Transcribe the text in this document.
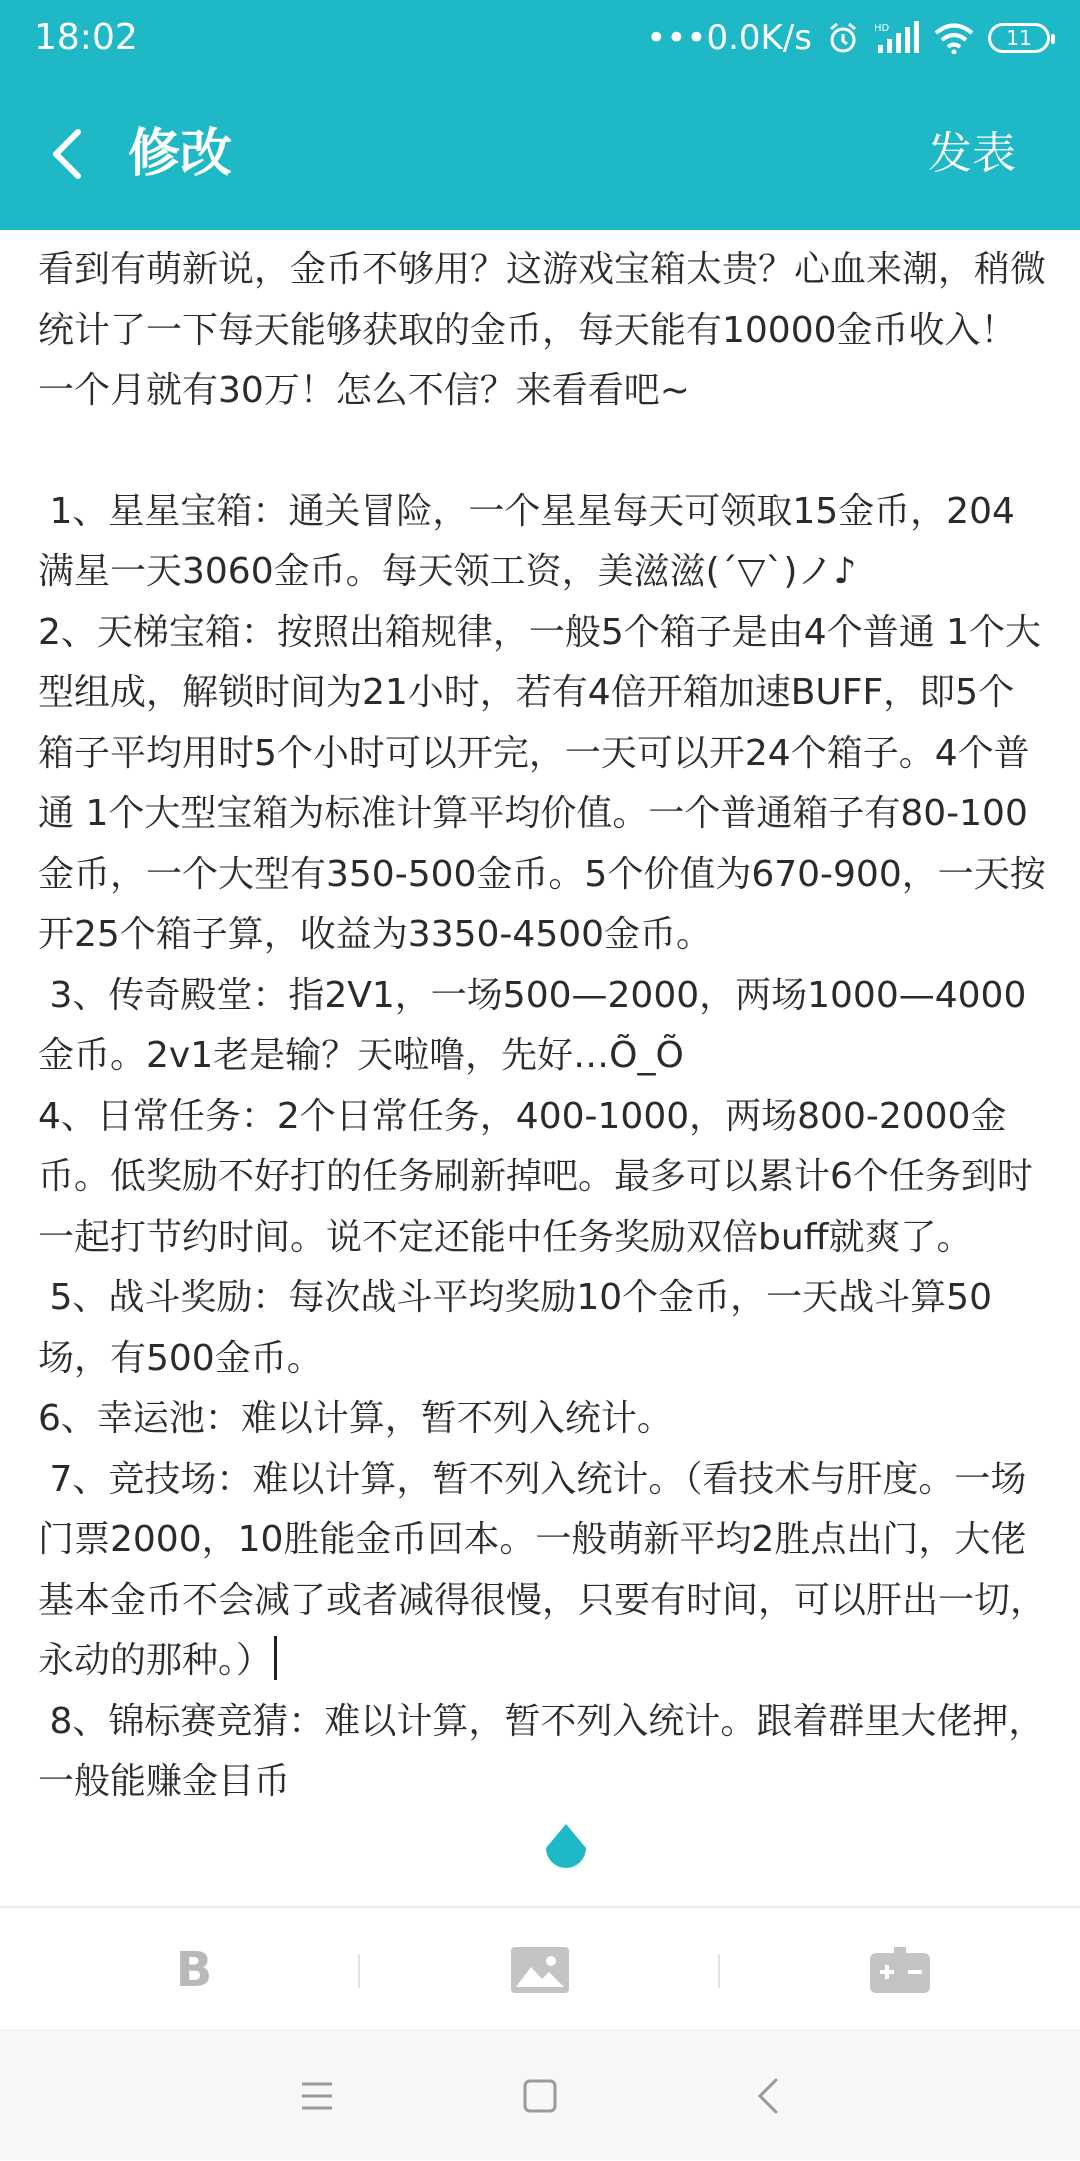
18:02	•••0.0K/s	HD	11
修改	发表
看到有萌新说，金币不够用？这游戏宝箱太贵？心血来潮，稍微统计了一下每天能够获取的金币，每天能有10000金币收入！一个月就有30万！怎么不信？来看看吧~
1、星星宝箱：通关冒险，一个星星每天可领取15金币，204满星一天3060金币。每天领工资，美滋滋(ˊ▽ˋ)ノ♪
2、天梯宝箱：按照出箱规律，一般5个箱子是由4个普通 1个大型组成，解锁时间为21小时，若有4倍开箱加速BUFF，即5个箱子平均用时5个小时可以开完，一天可以开24个箱子。4个普通 1个大型宝箱为标准计算平均价值。一个普通箱子有80-100金币，一个大型有350-500金币。5个价值为670-900，一天按开25个箱子算，收益为3350-4500金币。
3、传奇殿堂：指2V1，一场500—2000，两场1000—4000金币。2v1老是输？天啦噜，先好…Õ_Õ
4、日常任务：2个日常任务，400-1000，两场800-2000金币。低奖励不好打的任务刷新掉吧。最多可以累计6个任务到时一起打节约时间。说不定还能中任务奖励双倍buff就爽了。
5、战斗奖励：每次战斗平均奖励10个金币，一天战斗算50场，有500金币。
6、幸运池：难以计算，暂不列入统计。
7、竞技场：难以计算，暂不列入统计。（看技术与肝度。一场门票2000，10胜能金币回本。一般萌新平均2胜点出门，大佬基本金币不会减了或者减得很慢，只要有时间，可以肝出一切，永动的那种。）
8、锦标赛竞猜：难以计算，暂不列入统计。跟着群里大佬押，一般能赚金目币
B
